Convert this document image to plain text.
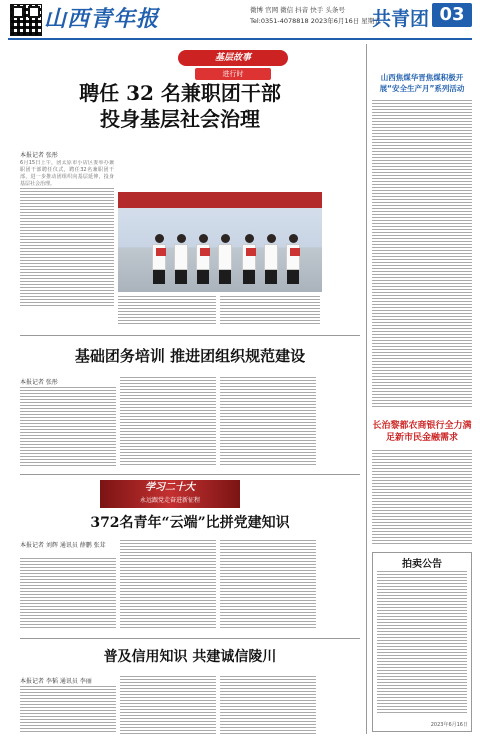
山西青年报	微博 官网 微信 抖音 快手 头条号
Tel:0351-4078818 2023年6月16日 星期五
共青团 03
基层故事
进行时
聘任 32 名兼职团干部
投身基层社会治理
本报记者 张彤

6月15日上午，团太原市小店区委举办兼职团干部聘任仪式，聘任32名兼职团干部，进一步推动团组织向基层延伸，投身基层社会治理。

基础团务培训 推进团组织规范建设
本报记者 张彤
学习二十大
永远跟党走奋进新征程
372名青年“云端”比拼党建知识
本报记者 刘辉 通讯员 薛鹏 张茸
普及信用知识 共建诚信陵川
本报记者 李韬 通讯员 李丽
山西焦煤华晋焦煤积极开展“安全生产月”系列活动
长治黎都农商银行全力满足新市民金融需求
拍卖公告
2023年6月16日
